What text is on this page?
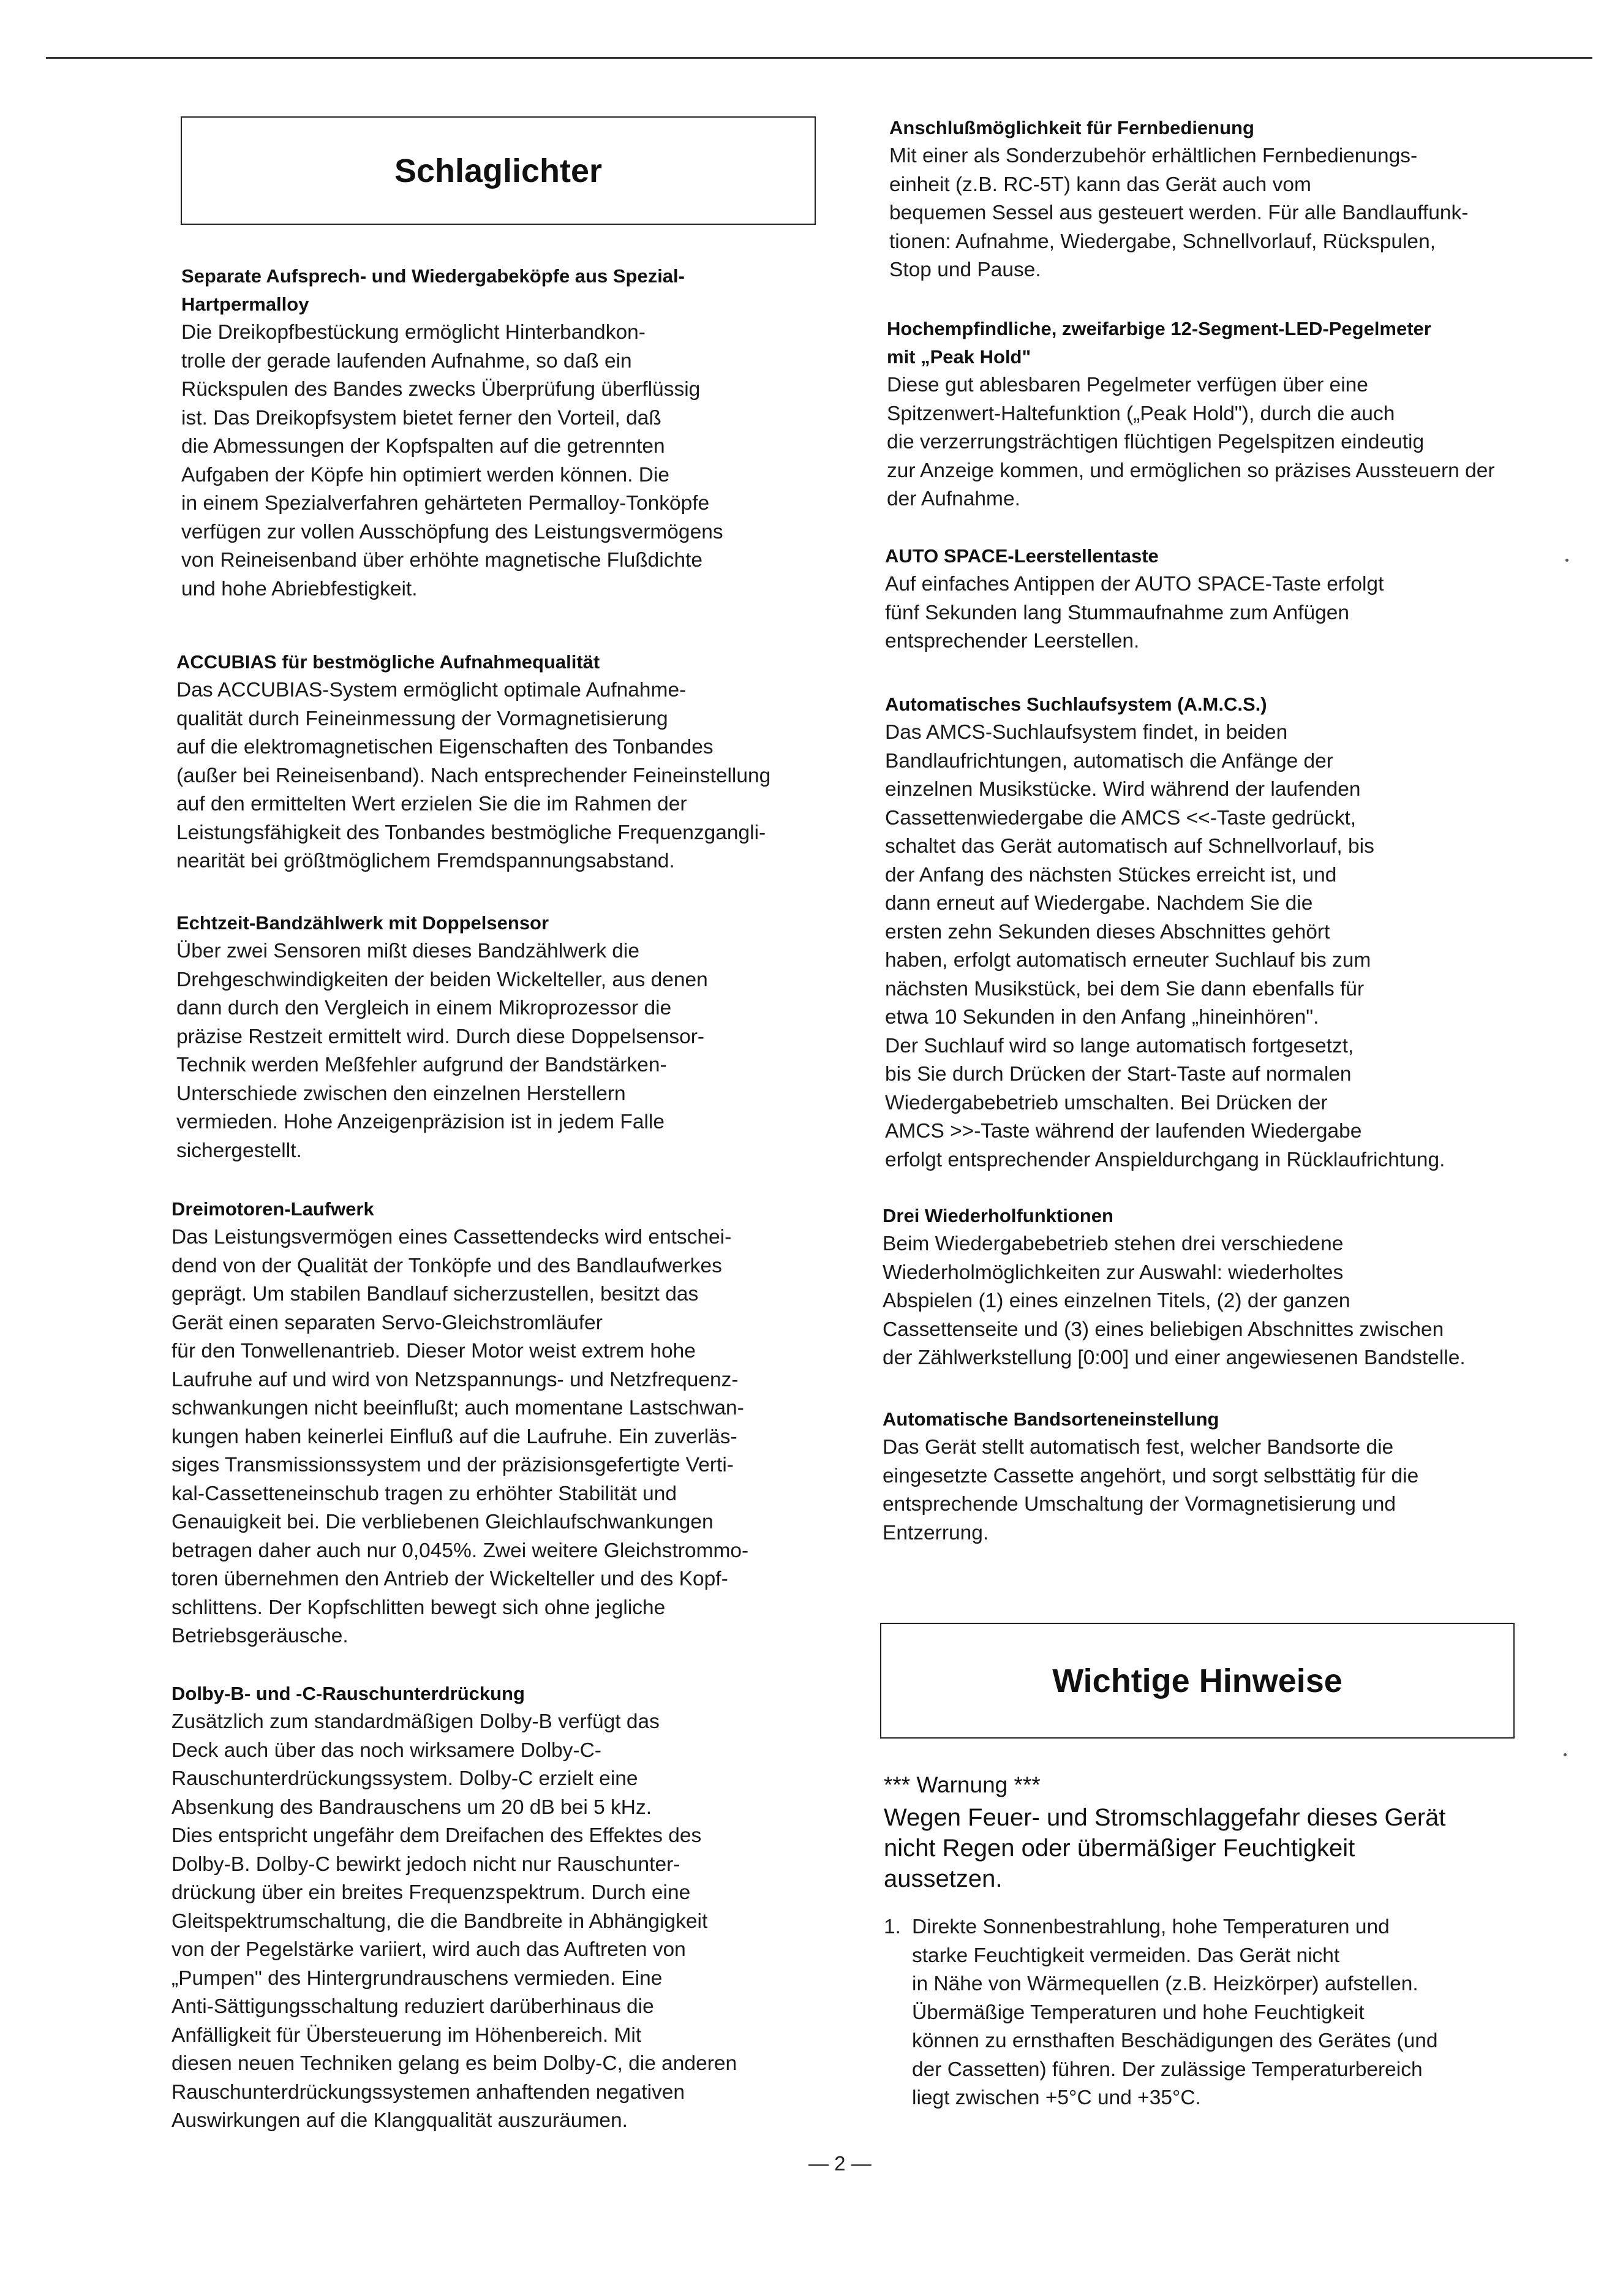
Schlaglichter

Separate Aufsprech- und Wiedergabeköpfe aus Spezial-
Hartpermalloy

Die Dreikopfbestückung ermöglicht Hinterbandkon-
trolle der gerade laufenden Aufnahme, so daß ein
Rückspulen des Bandes zwecks Überprüfung überflüssig
ist. Das Dreikopfsystem bietet ferner den Vorteil, daß
die Abmessungen der Kopfspalten auf die getrennten
Aufgaben der Köpfe hin optimiert werden können. Die
in einem Spezialverfahren gehärteten Permalloy-Tonköpfe
verfügen zur vollen Ausschöpfung des Leistungsvermögens
von Reineisenband über erhöhte magnetische Flußdichte
und hohe Abriebfestigkeit.

ACCUBIAS für bestmögliche Aufnahmequalität

Das ACCUBIAS-System ermöglicht optimale Aufnahme-
qualität durch Feineinmessung der Vormagnetisierung
auf die elektromagnetischen Eigenschaften des Tonbandes
(außer bei Reineisenband). Nach entsprechender Feineinstellung
auf den ermittelten Wert erzielen Sie die im Rahmen der
Leistungsfähigkeit des Tonbandes bestmögliche Frequenzgangli-
nearität bei größtmöglichem Fremdspannungsabstand.

Echtzeit-Bandzählwerk mit Doppelsensor

Über zwei Sensoren mißt dieses Bandzählwerk die
Drehgeschwindigkeiten der beiden Wickelteller, aus denen
dann durch den Vergleich in einem Mikroprozessor die
präzise Restzeit ermittelt wird. Durch diese Doppelsensor-
Technik werden Meßfehler aufgrund der Bandstärken-
Unterschiede zwischen den einzelnen Herstellern
vermieden. Hohe Anzeigenpräzision ist in jedem Falle
sichergestellt.

Dreimotoren-Laufwerk

Das Leistungsvermögen eines Cassettendecks wird entschei-
dend von der Qualität der Tonköpfe und des Bandlaufwerkes
geprägt. Um stabilen Bandlauf sicherzustellen, besitzt das
Gerät einen separaten Servo-Gleichstromläufer
für den Tonwellenantrieb. Dieser Motor weist extrem hohe
Laufruhe auf und wird von Netzspannungs- und Netzfrequenz-
schwankungen nicht beeinflußt; auch momentane Lastschwan-
kungen haben keinerlei Einfluß auf die Laufruhe. Ein zuverläs-
siges Transmissionssystem und der präzisionsgefertigte Verti-
kal-Cassetteneinschub tragen zu erhöhter Stabilität und
Genauigkeit bei. Die verbliebenen Gleichlaufschwankungen
betragen daher auch nur 0,045%. Zwei weitere Gleichstrommo-
toren übernehmen den Antrieb der Wickelteller und des Kopf-
schlittens. Der Kopfschlitten bewegt sich ohne jegliche
Betriebsgeräusche.

Dolby-B- und -C-Rauschunterdrückung

Zusätzlich zum standardmäßigen Dolby-B verfügt das
Deck auch über das noch wirksamere Dolby-C-
Rauschunterdrückungssystem. Dolby-C erzielt eine
Absenkung des Bandrauschens um 20 dB bei 5 kHz.
Dies entspricht ungefähr dem Dreifachen des Effektes des
Dolby-B. Dolby-C bewirkt jedoch nicht nur Rauschunter-
drückung über ein breites Frequenzspektrum. Durch eine
Gleitspektrumschaltung, die die Bandbreite in Abhängigkeit
von der Pegelstärke variiert, wird auch das Auftreten von
„Pumpen" des Hintergrundrauschens vermieden. Eine
Anti-Sättigungsschaltung reduziert darüberhinaus die
Anfälligkeit für Übersteuerung im Höhenbereich. Mit
diesen neuen Techniken gelang es beim Dolby-C, die anderen
Rauschunterdrückungssystemen anhaftenden negativen
Auswirkungen auf die Klangqualität auszuräumen.

Anschlußmöglichkeit für Fernbedienung

Mit einer als Sonderzubehör erhältlichen Fernbedienungs-
einheit (z.B. RC-5T) kann das Gerät auch vom
bequemen Sessel aus gesteuert werden. Für alle Bandlauffunk-
tionen: Aufnahme, Wiedergabe, Schnellvorlauf, Rückspulen,
Stop und Pause.

Hochempfindliche, zweifarbige 12-Segment-LED-Pegelmeter
mit „Peak Hold"

Diese gut ablesbaren Pegelmeter verfügen über eine
Spitzenwert-Haltefunktion („Peak Hold"), durch die auch
die verzerrungsträchtigen flüchtigen Pegelspitzen eindeutig
zur Anzeige kommen, und ermöglichen so präzises Aussteuern der
der Aufnahme.

AUTO SPACE-Leerstellentaste

Auf einfaches Antippen der AUTO SPACE-Taste erfolgt
fünf Sekunden lang Stummaufnahme zum Anfügen
entsprechender Leerstellen.

Automatisches Suchlaufsystem (A.M.C.S.)

Das AMCS-Suchlaufsystem findet, in beiden
Bandlaufrichtungen, automatisch die Anfänge der
einzelnen Musikstücke. Wird während der laufenden
Cassettenwiedergabe die AMCS <<-Taste gedrückt,
schaltet das Gerät automatisch auf Schnellvorlauf, bis
der Anfang des nächsten Stückes erreicht ist, und
dann erneut auf Wiedergabe. Nachdem Sie die
ersten zehn Sekunden dieses Abschnittes gehört
haben, erfolgt automatisch erneuter Suchlauf bis zum
nächsten Musikstück, bei dem Sie dann ebenfalls für
etwa 10 Sekunden in den Anfang „hineinhören".
Der Suchlauf wird so lange automatisch fortgesetzt,
bis Sie durch Drücken der Start-Taste auf normalen
Wiedergabebetrieb umschalten. Bei Drücken der
AMCS >>-Taste während der laufenden Wiedergabe
erfolgt entsprechender Anspieldurchgang in Rücklaufrichtung.

Drei Wiederholfunktionen

Beim Wiedergabebetrieb stehen drei verschiedene
Wiederholmöglichkeiten zur Auswahl: wiederholtes
Abspielen (1) eines einzelnen Titels, (2) der ganzen
Cassettenseite und (3) eines beliebigen Abschnittes zwischen
der Zählwerkstellung [0:00] und einer angewiesenen Bandstelle.

Automatische Bandsorteneinstellung

Das Gerät stellt automatisch fest, welcher Bandsorte die
eingesetzte Cassette angehört, und sorgt selbsttätig für die
entsprechende Umschaltung der Vormagnetisierung und
Entzerrung.

Wichtige Hinweise
*** Warnung ***

Wegen Feuer- und Stromschlaggefahr dieses Gerät
nicht Regen oder übermäßiger Feuchtigkeit
aussetzen.

1. Direkte Sonnenbestrahlung, hohe Temperaturen und
starke Feuchtigkeit vermeiden. Das Gerät nicht
in Nähe von Wärmequellen (z.B. Heizkörper) aufstellen.
Übermäßige Temperaturen und hohe Feuchtigkeit
können zu ernsthaften Beschädigungen des Gerätes (und
der Cassetten) führen. Der zulässige Temperaturbereich
liegt zwischen +5°C und +35°C.

— 2 —
